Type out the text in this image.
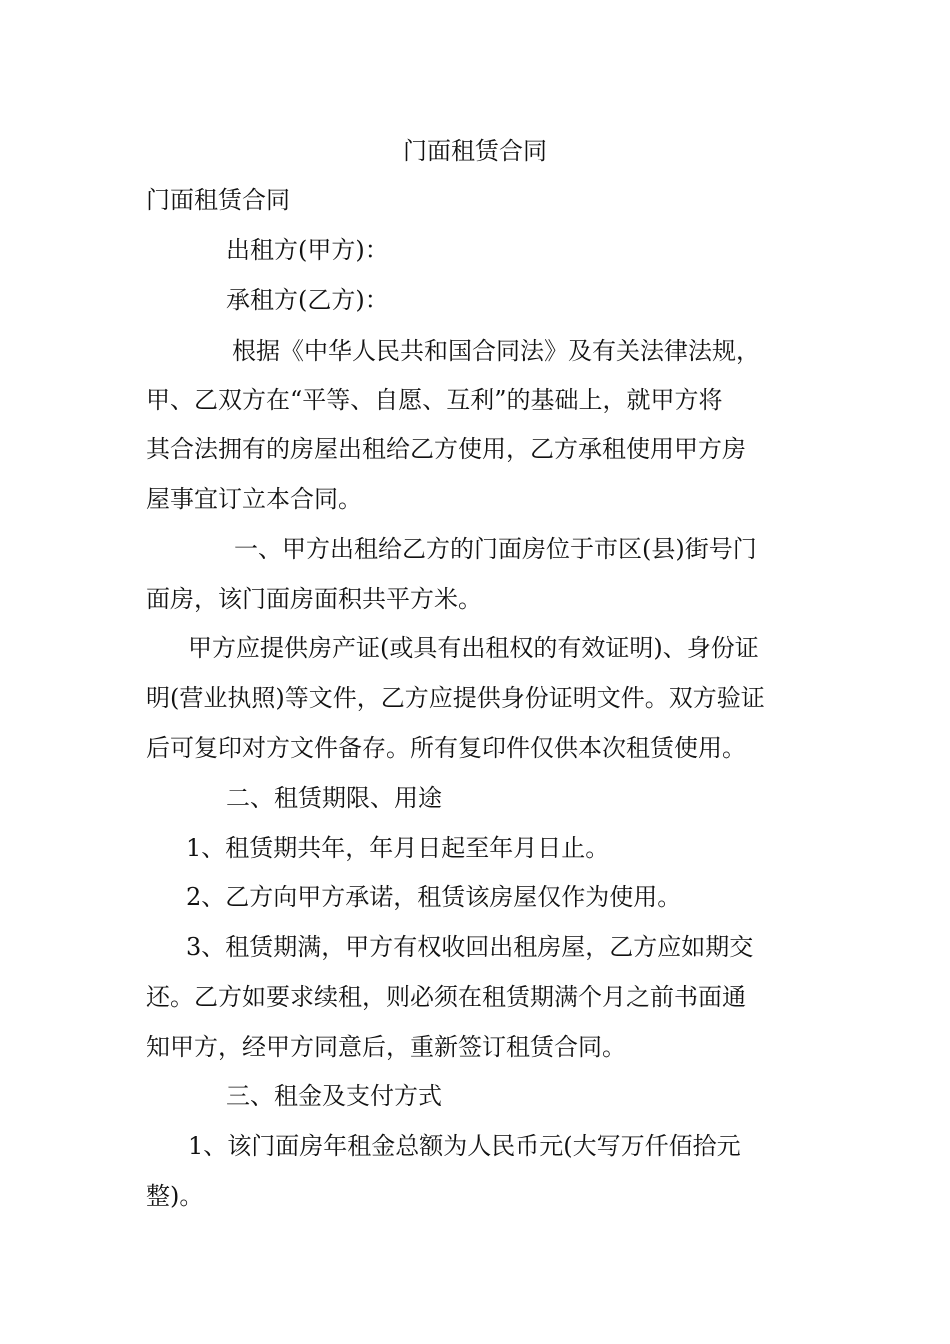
门面租赁合同
门面租赁合同
出租方(甲方)：
承租方(乙方)：
根据《中华人民共和国合同法》及有关法律法规，
甲、乙双方在“平等、自愿、互利”的基础上，就甲方将
其合法拥有的房屋出租给乙方使用，乙方承租使用甲方房
屋事宜订立本合同。
一、甲方出租给乙方的门面房位于市区(县)街号门
面房，该门面房面积共平方米。
甲方应提供房产证(或具有出租权的有效证明)、身份证
明(营业执照)等文件，乙方应提供身份证明文件。双方验证
后可复印对方文件备存。所有复印件仅供本次租赁使用。
二、租赁期限、用途
1、租赁期共年，年月日起至年月日止。
2、乙方向甲方承诺，租赁该房屋仅作为使用。
3、租赁期满，甲方有权收回出租房屋，乙方应如期交
还。乙方如要求续租，则必须在租赁期满个月之前书面通
知甲方，经甲方同意后，重新签订租赁合同。
三、租金及支付方式
1、该门面房年租金总额为人民币元(大写万仟佰拾元
整)。
